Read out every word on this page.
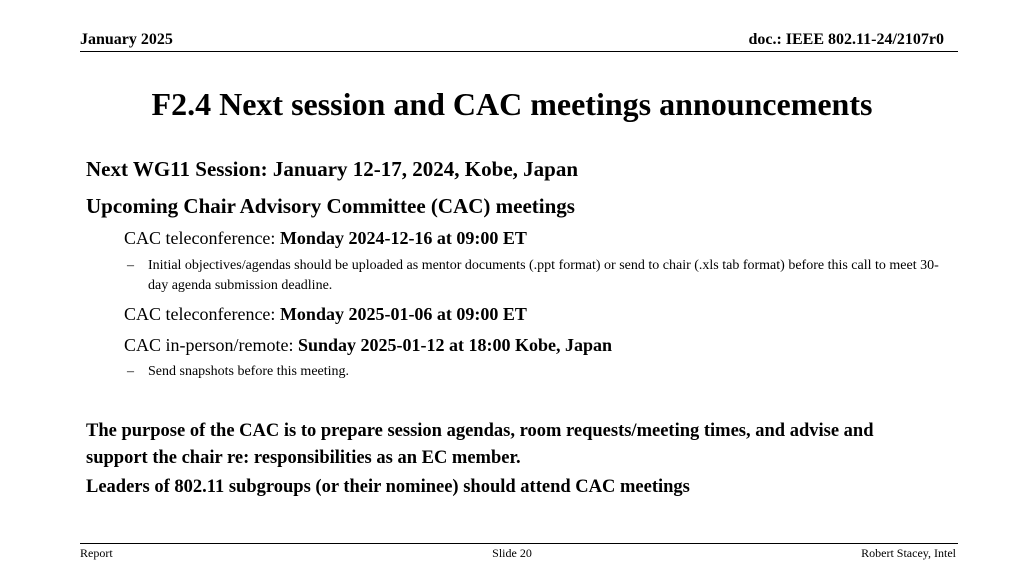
January 2025	doc.: IEEE 802.11-24/2107r0
F2.4 Next session and CAC meetings announcements
Next WG11 Session: January 12-17, 2024, Kobe, Japan
Upcoming Chair Advisory Committee (CAC) meetings
CAC teleconference: Monday 2024-12-16 at 09:00 ET
– Initial objectives/agendas should be uploaded as mentor documents (.ppt format) or send to chair (.xls tab format) before this call to meet 30-day agenda submission deadline.
CAC teleconference: Monday 2025-01-06 at 09:00 ET
CAC in-person/remote: Sunday 2025-01-12 at 18:00 Kobe, Japan
– Send snapshots before this meeting.
The purpose of the CAC is to prepare session agendas, room requests/meeting times, and advise and support the chair re: responsibilities as an EC member.
Leaders of 802.11 subgroups (or their nominee) should attend CAC meetings
Report	Slide 20	Robert Stacey, Intel
